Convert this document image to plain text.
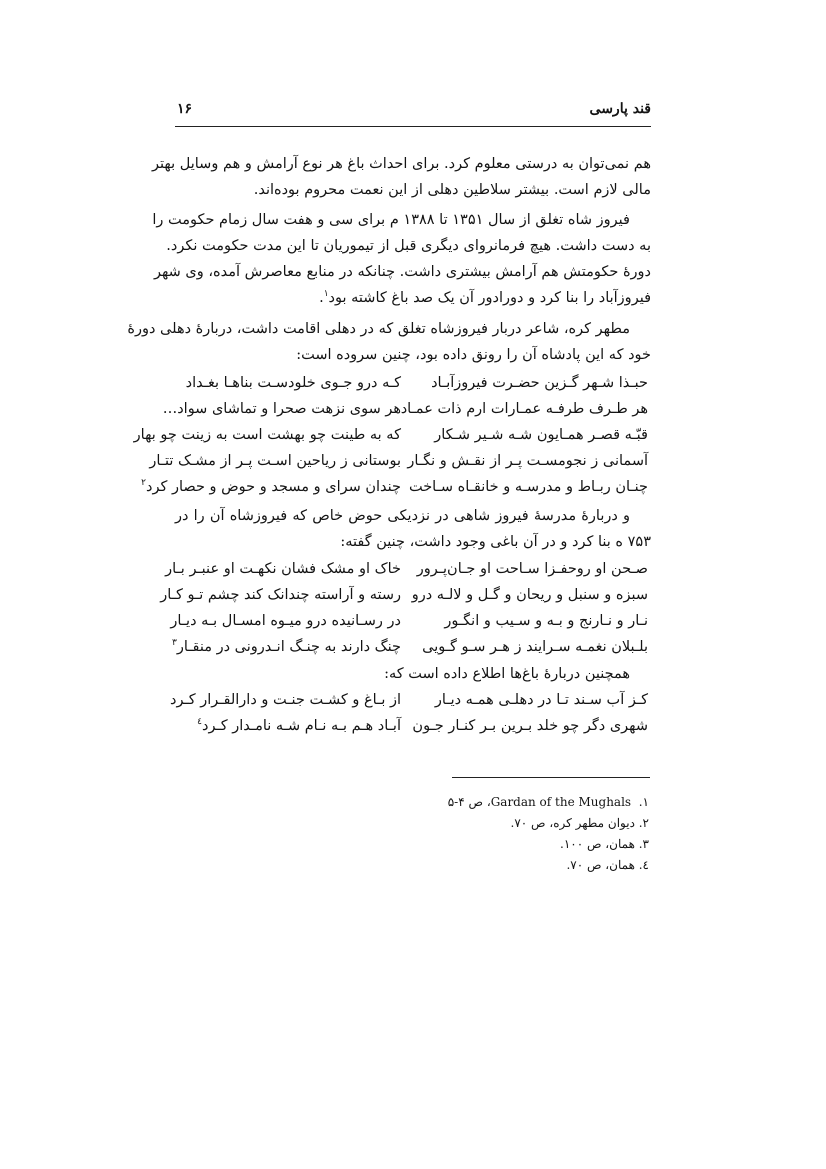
قند پارسی
۱۶
هم نمی‌توان به درستی معلوم کرد. برای احداث باغ هر نوع آرامش و هم وسایل بهتر
مالی لازم است. بیشتر سلاطین دهلی از این نعمت محروم بوده‌اند.
فیروز شاه تغلق از سال ۱۳۵۱ تا ۱۳۸۸ م برای سی و هفت سال زمام حکومت را
به دست داشت. هیچ فرمانروای دیگری قبل از تیموریان تا این مدت حکومت نکرد.
دورهٔ حکومتش هم آرامش بیشتری داشت. چنانکه در منابع معاصرش آمده، وی شهر
فیروزآباد را بنا کرد و دورادور آن یک صد باغ کاشته بود$^۱$.
مطهر کره، شاعر دربار فیروزشاه تغلق که در دهلی اقامت داشت، دربارهٔ دهلی دورهٔ
خود که این پادشاه آن را رونق داده بود، چنین سروده است:
حبـذا شـهر گـزین حضـرت فیروزآبـاد
کـه درو جـوی خلودسـت بناهـا بغـداد
هر طـرف طرفـه عمـارات ارم ذات عمـاد
هر سوی نزهت صحرا و تماشای سواد…
قبّـه قصـر همـایون شـه شـیر شـکار
که به طینت چو بهشت است به زینت چو بهار
آسمانی ز نجومسـت پـر از نقـش و نگـار
بوستانی ز ریاحین اسـت پـر از مشـک تتـار
چنـان ربـاط و مدرسـه و خانقـاه سـاخت
چندان سرای و مسجد و حوض و حصار کرد$^۲$
و دربارهٔ مدرسهٔ فیروز شاهی در نزدیکی حوض خاص که فیروزشاه آن را در
۷۵۳ ه بنا کرد و در آن باغی وجود داشت، چنین گفته:
صـحن او روحفـزا سـاحت او جـان‌پـرور
خاک او مشک فشان نکهـت او عنبـر بـار
سبزه و سنبل و ریحان و گـل و لالـه درو
رسته و آراسته چندانک کند چشم تـو کـار
نـار و نـارنج و بـه و سـیب و انگـور
در رسـانیده درو میـوه امسـال بـه دیـار
بلـبلان نغمـه سـرایند ز هـر سـو گـویی
چنگ دارند به چنـگ انـدرونی در منقـار$^۳$
همچنین دربارهٔ باغ‌ها اطلاع داده است که:
کـز آب سـند تـا در دهلـی همـه دیـار
از بـاغ و کشـت جنـت و دارالقـرار کـرد
شهری دگر چو خلد بـرین بـر کنـار جـون
آبـاد هـم بـه نـام شـه نامـدار کـرد$^٤$
Gardan of the Mughals .۱، ص ۴-۵
۲. دیوان مطهر کره، ص ۷۰.
۳. همان، ص ۱۰۰.
٤. همان، ص ۷۰.
